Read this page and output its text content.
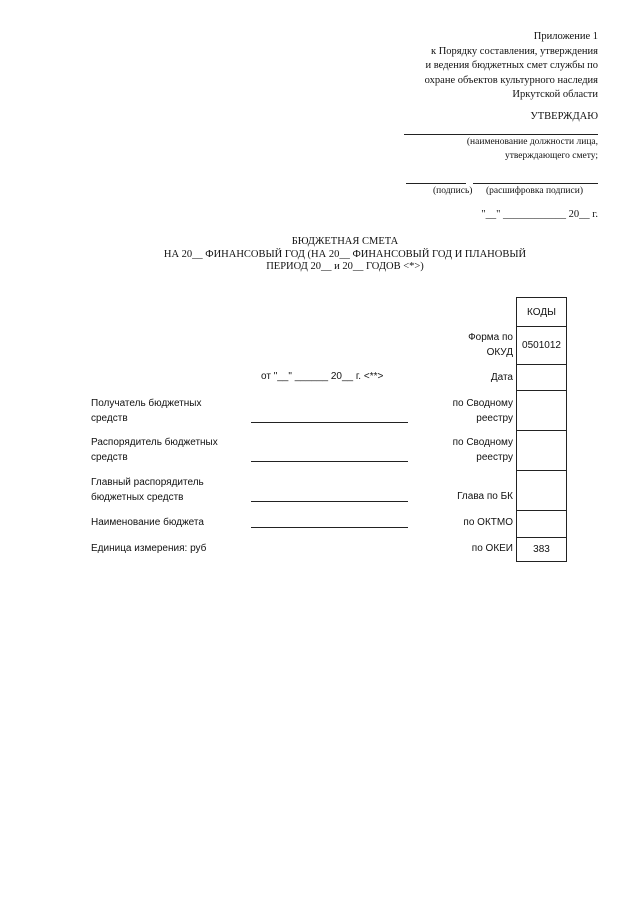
Приложение 1
к Порядку составления, утверждения
и ведения бюджетных смет службы по
охране объектов культурного наследия
Иркутской области
УТВЕРЖДАЮ
(наименование должности лица,
утверждающего смету;
(подпись) (расшифровка подписи)
"__" ____________ 20__ г.
БЮДЖЕТНАЯ СМЕТА
НА 20__ ФИНАНСОВЫЙ ГОД (НА 20__ ФИНАНСОВЫЙ ГОД И ПЛАНОВЫЙ
ПЕРИОД 20__ и 20__ ГОДОВ <*>)
от "__" ______ 20__ г. <**>
КОДЫ
0501012
383
Форма по
ОКУД
Дата
по Сводному
реестру
по Сводному
реестру
Глава по БК
по ОКТМО
по ОКЕИ
Получатель бюджетных
средств
Распорядитель бюджетных
средств
Главный распорядитель
бюджетных средств
Наименование бюджета
Единица измерения: руб
